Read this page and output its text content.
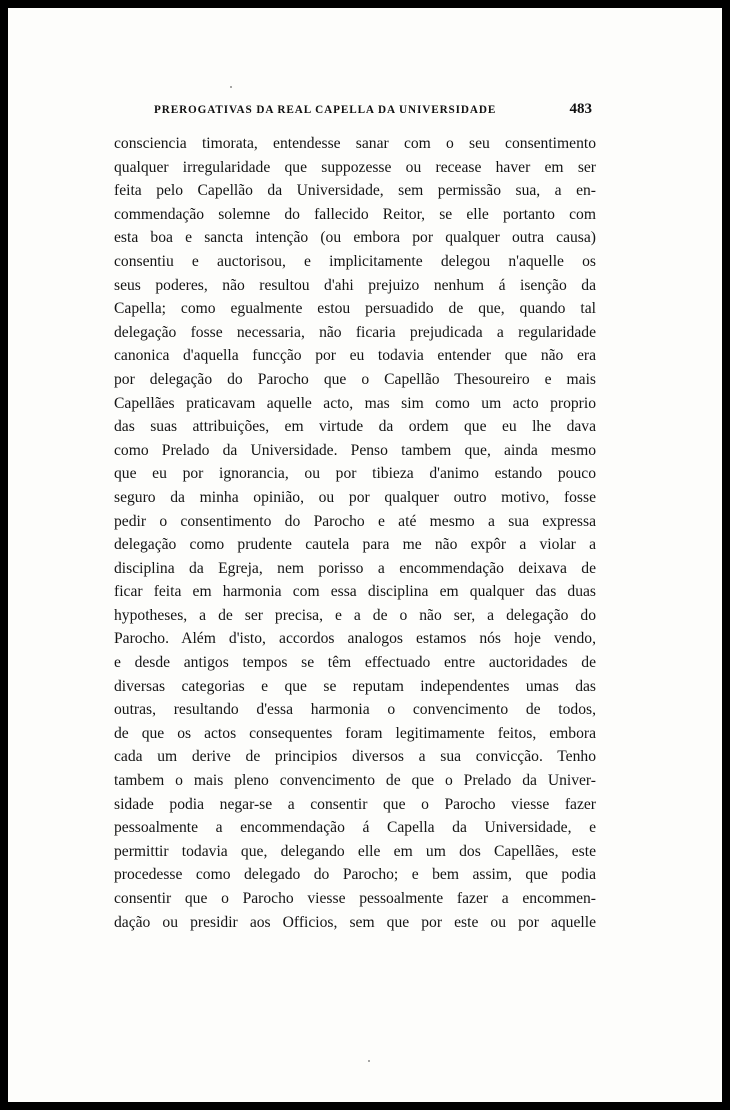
PREROGATIVAS DA REAL CAPELLA DA UNIVERSIDADE	483
consciencia timorata, entendesse sanar com o seu consentimento
qualquer irregularidade que suppozesse ou recease haver em ser
feita pelo Capellão da Universidade, sem permissão sua, a en-
commendação solemne do fallecido Reitor, se elle portanto com
esta boa e sancta intenção (ou embora por qualquer outra causa)
consentiu e auctorisou, e implicitamente delegou n'aquelle os
seus poderes, não resultou d'ahi prejuizo nenhum á isenção da
Capella; como egualmente estou persuadido de que, quando tal
delegação fosse necessaria, não ficaria prejudicada a regularidade
canonica d'aquella funcção por eu todavia entender que não era
por delegação do Parocho que o Capellão Thesoureiro e mais
Capellães praticavam aquelle acto, mas sim como um acto proprio
das suas attribuições, em virtude da ordem que eu lhe dava
como Prelado da Universidade. Penso tambem que, ainda mesmo
que eu por ignorancia, ou por tibieza d'animo estando pouco
seguro da minha opinião, ou por qualquer outro motivo, fosse
pedir o consentimento do Parocho e até mesmo a sua expressa
delegação como prudente cautela para me não expôr a violar a
disciplina da Egreja, nem porisso a encommendação deixava de
ficar feita em harmonia com essa disciplina em qualquer das duas
hypotheses, a de ser precisa, e a de o não ser, a delegação do
Parocho. Além d'isto, accordos analogos estamos nós hoje vendo,
e desde antigos tempos se têm effectuado entre auctoridades de
diversas categorias e que se reputam independentes umas das
outras, resultando d'essa harmonia o convencimento de todos,
de que os actos consequentes foram legitimamente feitos, embora
cada um derive de principios diversos a sua convicção. Tenho
tambem o mais pleno convencimento de que o Prelado da Univer-
sidade podia negar-se a consentir que o Parocho viesse fazer
pessoalmente a encommendação á Capella da Universidade, e
permittir todavia que, delegando elle em um dos Capellães, este
procedesse como delegado do Parocho; e bem assim, que podia
consentir que o Parocho viesse pessoalmente fazer a encommen-
dação ou presidir aos Officios, sem que por este ou por aquelle
